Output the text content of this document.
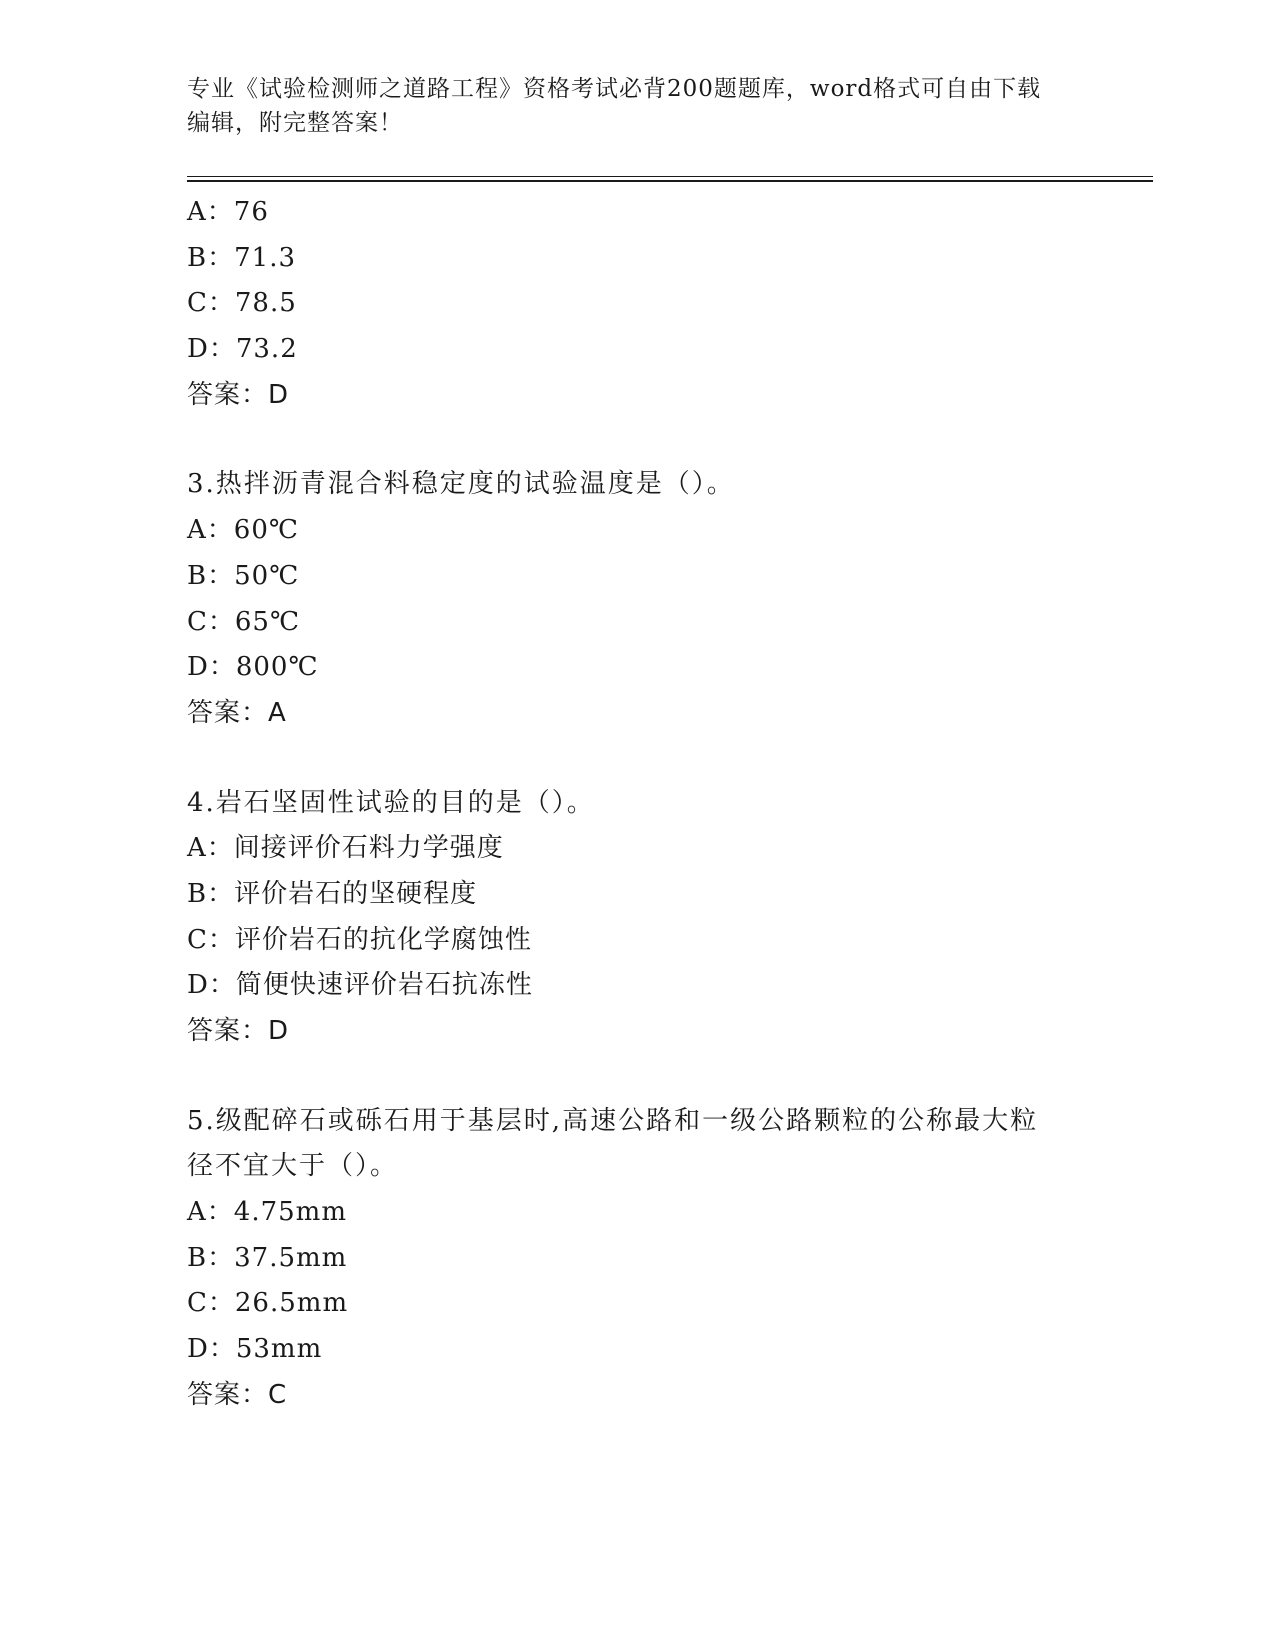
专业《试验检测师之道路工程》资格考试必背200题题库，word格式可自由下载
编辑，附完整答案！
A：76
B：71.3
C：78.5
D：73.2
答案：D
3.热拌沥青混合料稳定度的试验温度是（）。
A：60℃
B：50℃
C：65℃
D：800℃
答案：A
4.岩石坚固性试验的目的是（）。
A：间接评价石料力学强度
B：评价岩石的坚硬程度
C：评价岩石的抗化学腐蚀性
D：简便快速评价岩石抗冻性
答案：D
5.级配碎石或砾石用于基层时,高速公路和一级公路颗粒的公称最大粒
径不宜大于（）。
A：4.75mm
B：37.5mm
C：26.5mm
D：53mm
答案：C
